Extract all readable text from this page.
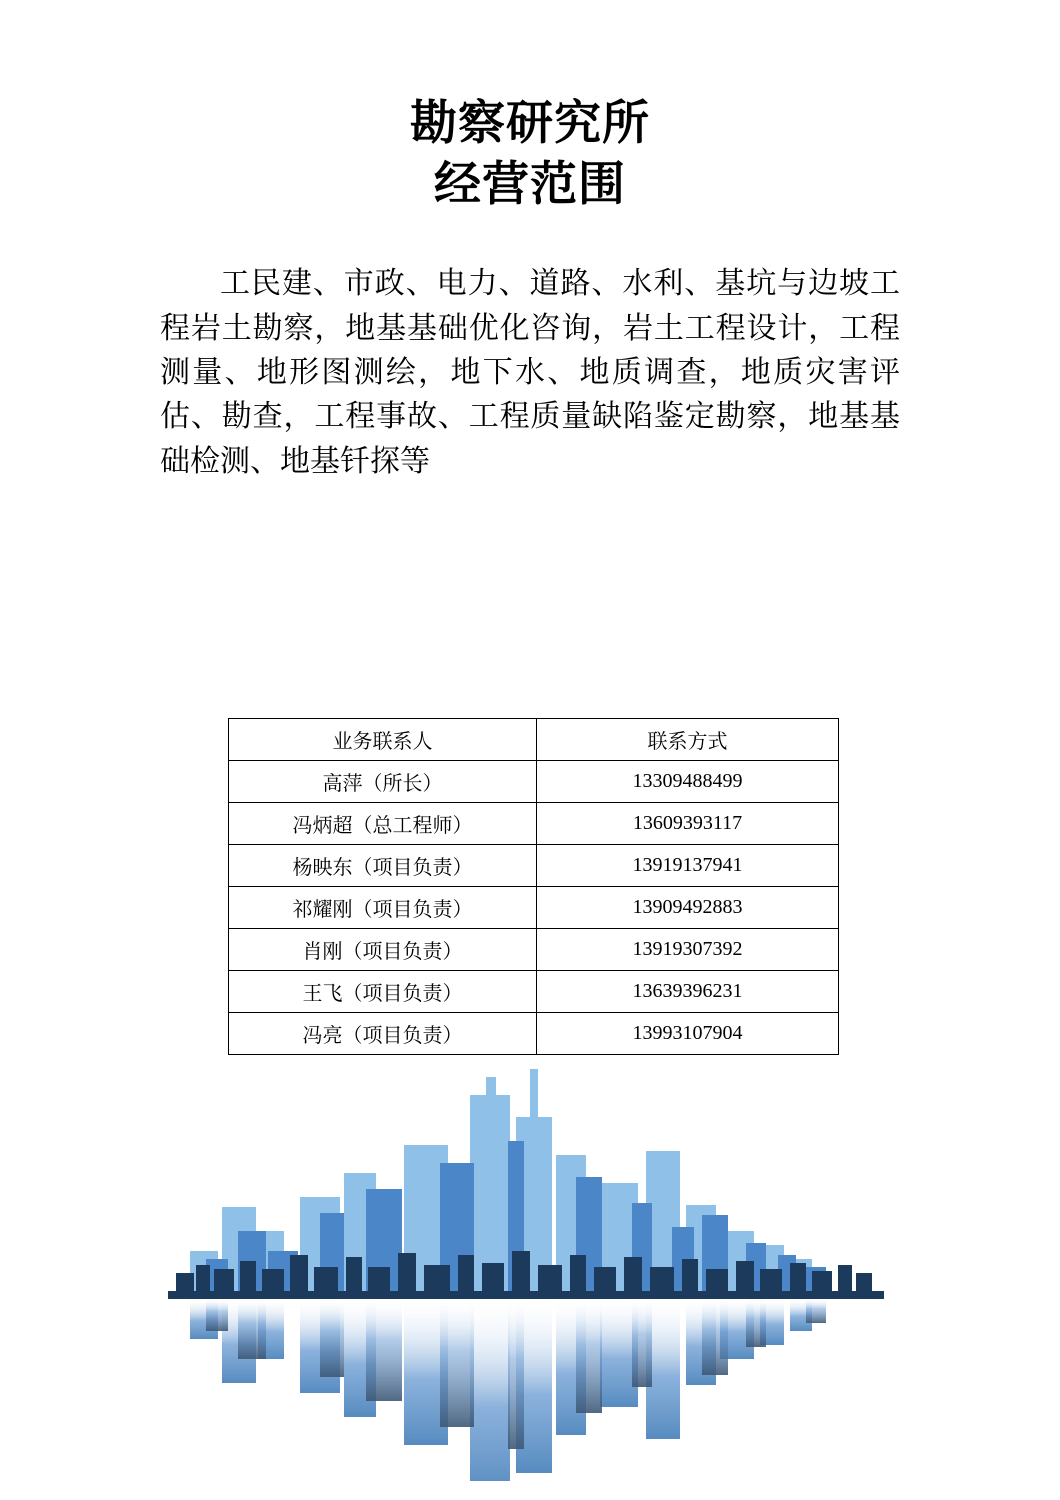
勘察研究所
经营范围

工民建、市政、电力、道路、水利、基坑与边坡工程岩土勘察，地基基础优化咨询，岩土工程设计，工程测量、地形图测绘，地下水、地质调查，地质灾害评估、勘查，工程事故、工程质量缺陷鉴定勘察，地基基础检测、地基钎探等

业务联系人	联系方式
高萍（所长）	13309488499
冯炳超（总工程师）	13609393117
杨映东（项目负责）	13919137941
祁耀刚（项目负责）	13909492883
肖刚（项目负责）	13919307392
王飞（项目负责）	13639396231
冯亮（项目负责）	13993107904
